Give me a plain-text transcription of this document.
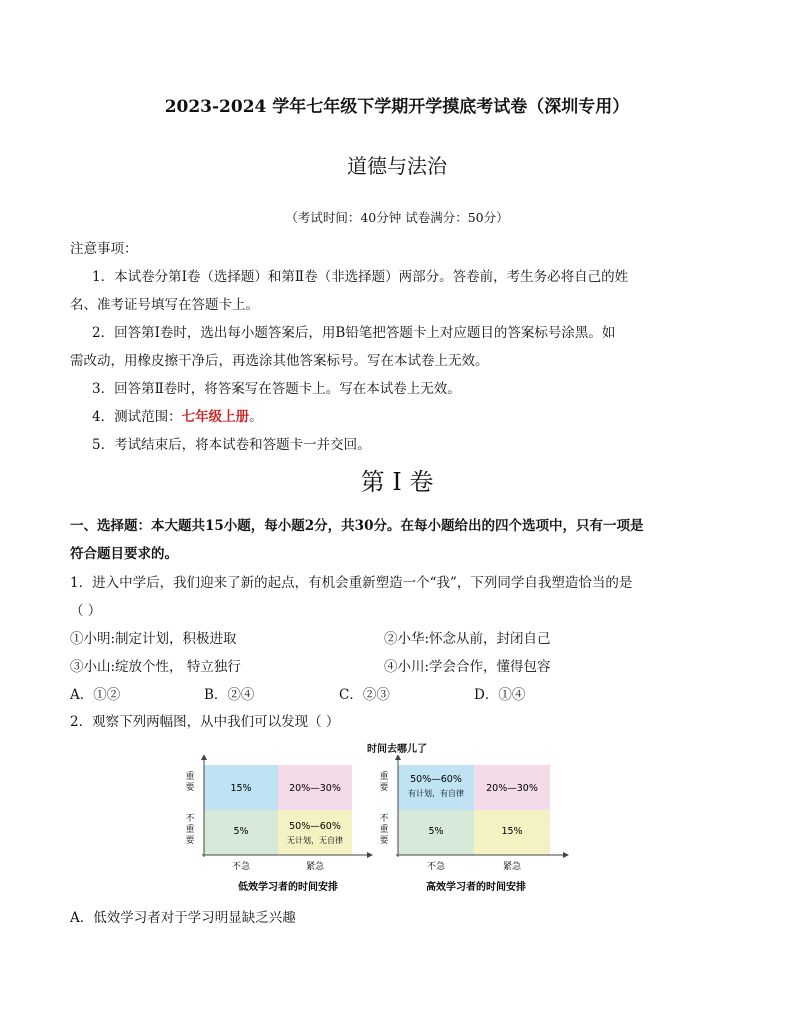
2023-2024 学年七年级下学期开学摸底考试卷（深圳专用）
道德与法治
（考试时间：40分钟 试卷满分：50分）
注意事项：
1．本试卷分第Ⅰ卷（选择题）和第Ⅱ卷（非选择题）两部分。答卷前，考生务必将自己的姓
名、准考证号填写在答题卡上。
2．回答第Ⅰ卷时，选出每小题答案后，用B铅笔把答题卡上对应题目的答案标号涂黑。如
需改动，用橡皮擦干净后，再选涂其他答案标号。写在本试卷上无效。
3．回答第Ⅱ卷时，将答案写在答题卡上。写在本试卷上无效。
4．测试范围：七年级上册。
5．考试结束后，将本试卷和答题卡一并交回。
第 I 卷
一、选择题：本大题共15小题，每小题2分，共30分。在每小题给出的四个选项中，只有一项是
符合题目要求的。
1．进入中学后，我们迎来了新的起点，有机会重新塑造一个“我”，下列同学自我塑造恰当的是
（ ）
①小明:制定计划，积极进取	②小华:怀念从前，封闭自己
③小山:绽放个性， 特立独行	④小川:学会合作，懂得包容
A．①②	B．②④	C．②③	D．①④
2．观察下列两幅图，从中我们可以发现（ ）
时间去哪儿了
15%	20%—30%
5%	50%—60%
无计划，无自律
重要
不重要
不急	紧急
低效学习者的时间安排
50%—60%
20%—30%
5%	15%
有计划，有自律
重要
不重要
不急	紧急
高效学习者的时间安排
A．低效学习者对于学习明显缺乏兴趣
